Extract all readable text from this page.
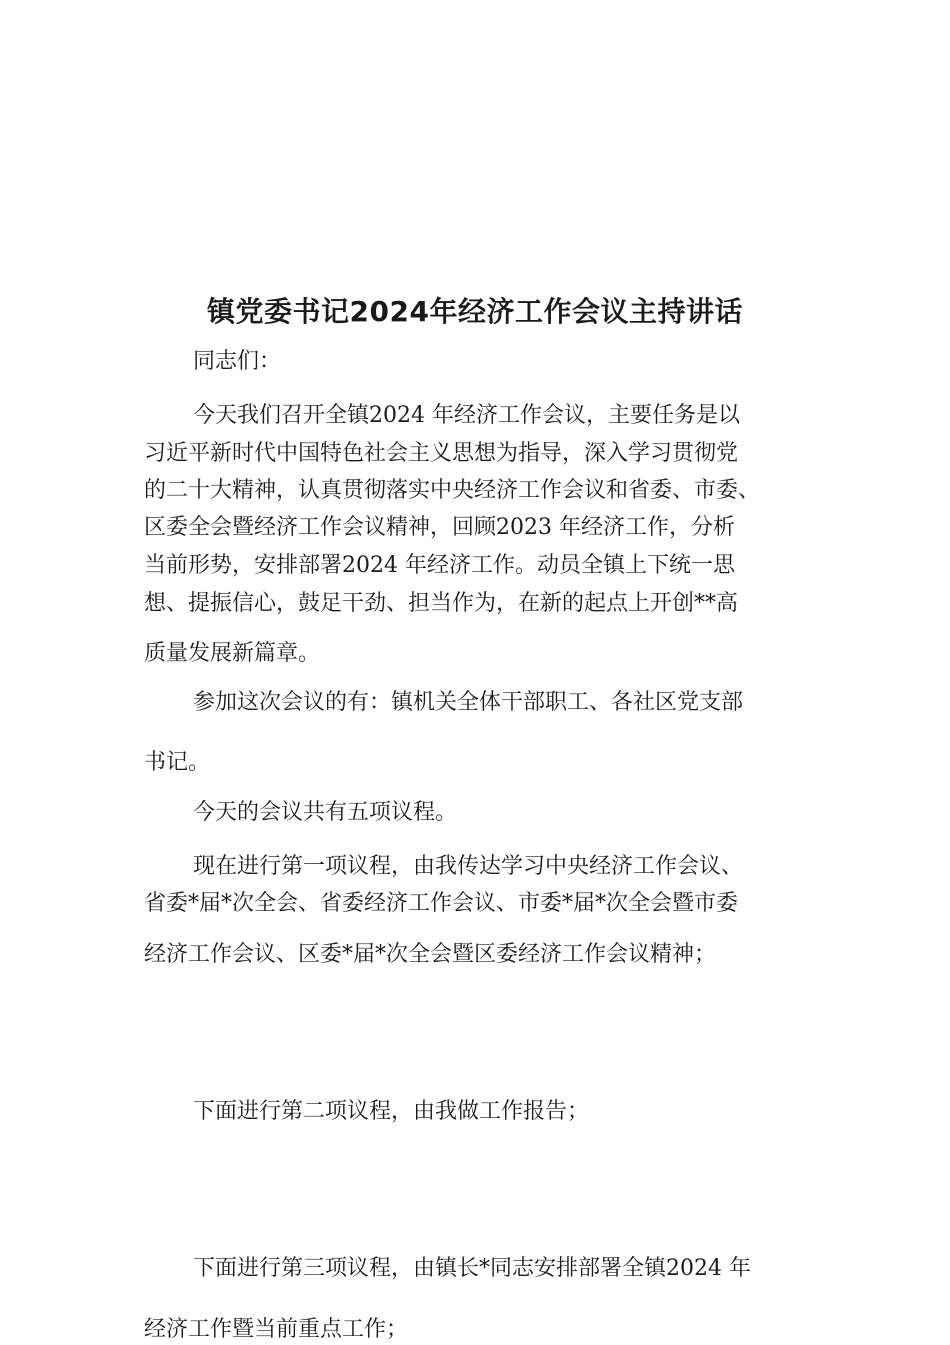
镇党委书记2024年经济工作会议主持讲话
同志们：
今天我们召开全镇2024 年经济工作会议，主要任务是以
习近平新时代中国特色社会主义思想为指导，深入学习贯彻党
的二十大精神，认真贯彻落实中央经济工作会议和省委、市委、
区委全会暨经济工作会议精神，回顾2023 年经济工作，分析
当前形势，安排部署2024 年经济工作。动员全镇上下统一思
想、提振信心，鼓足干劲、担当作为，在新的起点上开创**高
质量发展新篇章。
参加这次会议的有：镇机关全体干部职工、各社区党支部
书记。
今天的会议共有五项议程。
现在进行第一项议程，由我传达学习中央经济工作会议、
省委*届*次全会、省委经济工作会议、市委*届*次全会暨市委
经济工作会议、区委*届*次全会暨区委经济工作会议精神；
下面进行第二项议程，由我做工作报告；
下面进行第三项议程，由镇长*同志安排部署全镇2024 年
经济工作暨当前重点工作；
